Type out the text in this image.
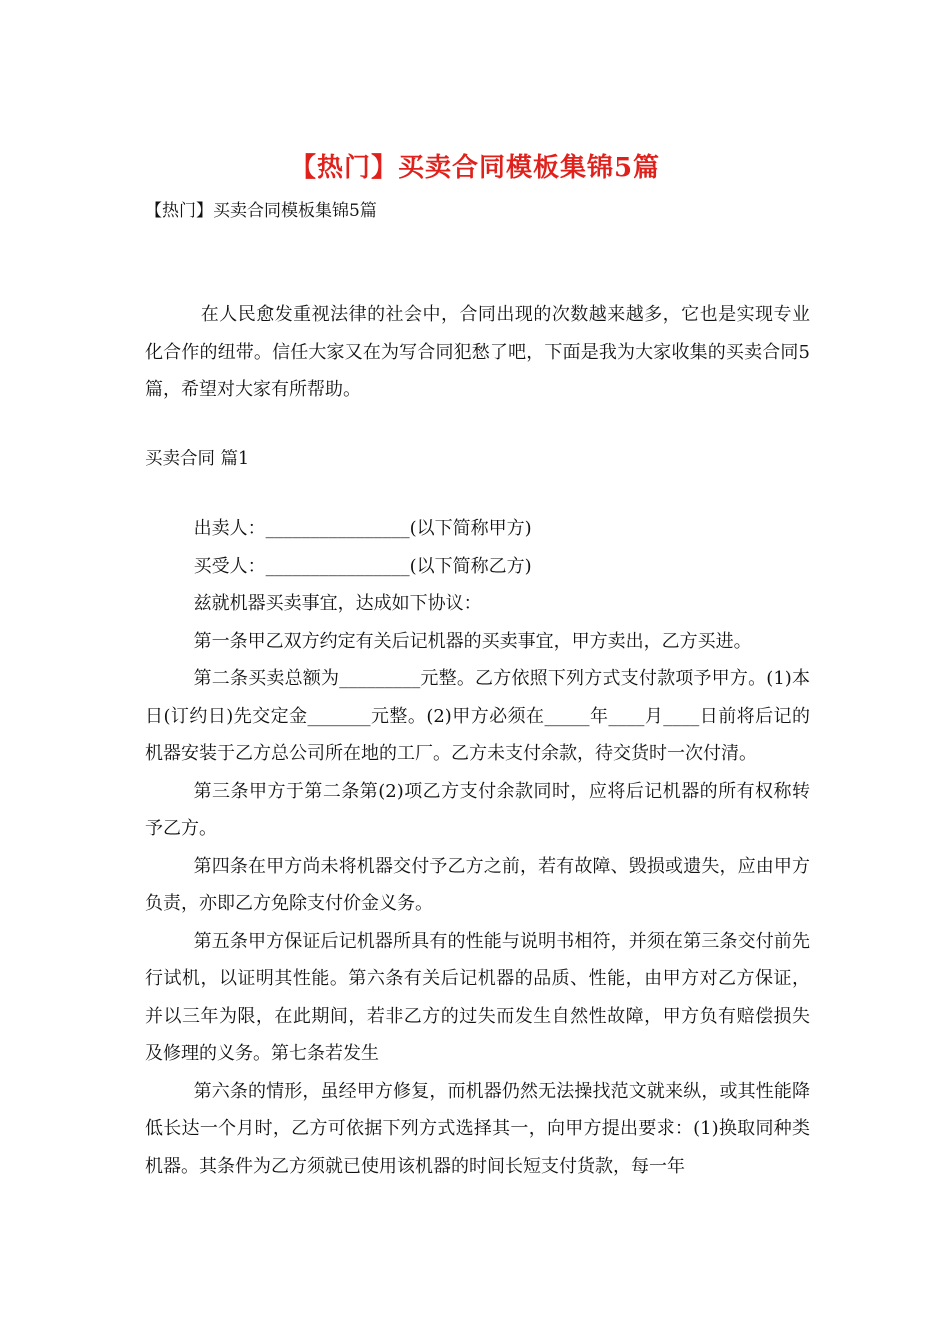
【热门】买卖合同模板集锦5篇
【热门】买卖合同模板集锦5篇

在人民愈发重视法律的社会中，合同出现的次数越来越多，它也是实现专业化合作的纽带。信任大家又在为写合同犯愁了吧，下面是我为大家收集的买卖合同5篇，希望对大家有所帮助。

买卖合同 篇1

出卖人：________________(以下简称甲方)

买受人：________________(以下简称乙方)

兹就机器买卖事宜，达成如下协议：

第一条甲乙双方约定有关后记机器的买卖事宜，甲方卖出，乙方买进。

第二条买卖总额为_________元整。乙方依照下列方式支付款项予甲方。(1)本日(订约日)先交定金_______元整。(2)甲方必须在_____年____月____日前将后记的机器安装于乙方总公司所在地的工厂。乙方未支付余款，待交货时一次付清。

第三条甲方于第二条第(2)项乙方支付余款同时，应将后记机器的所有权称转予乙方。

第四条在甲方尚未将机器交付予乙方之前，若有故障、毁损或遗失，应由甲方负责，亦即乙方免除支付价金义务。

第五条甲方保证后记机器所具有的性能与说明书相符，并须在第三条交付前先行试机，以证明其性能。第六条有关后记机器的品质、性能，由甲方对乙方保证，并以三年为限，在此期间，若非乙方的过失而发生自然性故障，甲方负有赔偿损失及修理的义务。第七条若发生

第六条的情形，虽经甲方修复，而机器仍然无法操找范文就来纵，或其性能降低长达一个月时，乙方可依据下列方式选择其一，向甲方提出要求：(1)换取同种类机器。其条件为乙方须就已使用该机器的时间长短支付货款，每一年
